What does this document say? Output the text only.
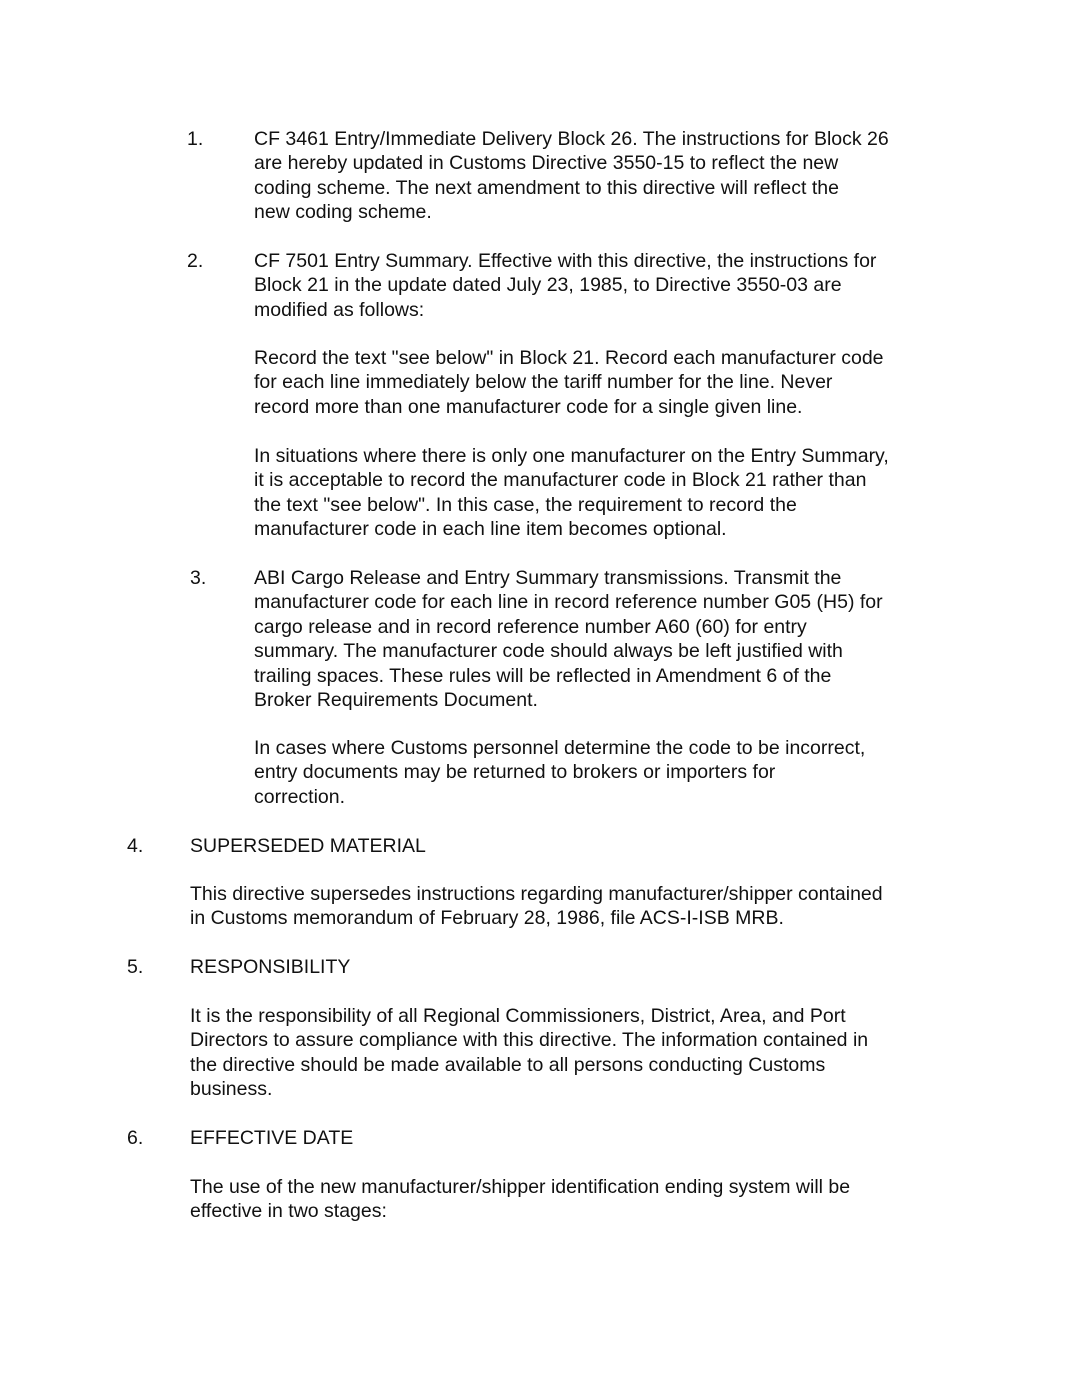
1.	CF 3461 Entry/Immediate Delivery Block 26. The instructions for Block 26
are hereby updated in Customs Directive 3550-15 to reflect the new
coding scheme. The next amendment to this directive will reflect the
new coding scheme.
2.	CF 7501 Entry Summary. Effective with this directive, the instructions for
Block 21 in the update dated July 23, 1985, to Directive 3550-03 are
modified as follows:
Record the text "see below" in Block 21. Record each manufacturer code
for each line immediately below the tariff number for the line. Never
record more than one manufacturer code for a single given line.
In situations where there is only one manufacturer on the Entry Summary,
it is acceptable to record the manufacturer code in Block 21 rather than
the text "see below". In this case, the requirement to record the
manufacturer code in each line item becomes optional.
3. ABI Cargo Release and Entry Summary transmissions. Transmit the
manufacturer code for each line in record reference number G05 (H5) for
cargo release and in record reference number A60 (60) for entry
summary. The manufacturer code should always be left justified with
trailing spaces. These rules will be reflected in Amendment 6 of the
Broker Requirements Document.
In cases where Customs personnel determine the code to be incorrect,
entry documents may be returned to brokers or importers for
correction.
4. SUPERSEDED MATERIAL
This directive supersedes instructions regarding manufacturer/shipper contained
in Customs memorandum of February 28, 1986, file ACS-I-ISB MRB.
5. RESPONSIBILITY
It is the responsibility of all Regional Commissioners, District, Area, and Port
Directors to assure compliance with this directive. The information contained in
the directive should be made available to all persons conducting Customs
business.
6. EFFECTIVE DATE
The use of the new manufacturer/shipper identification ending system will be
effective in two stages:
